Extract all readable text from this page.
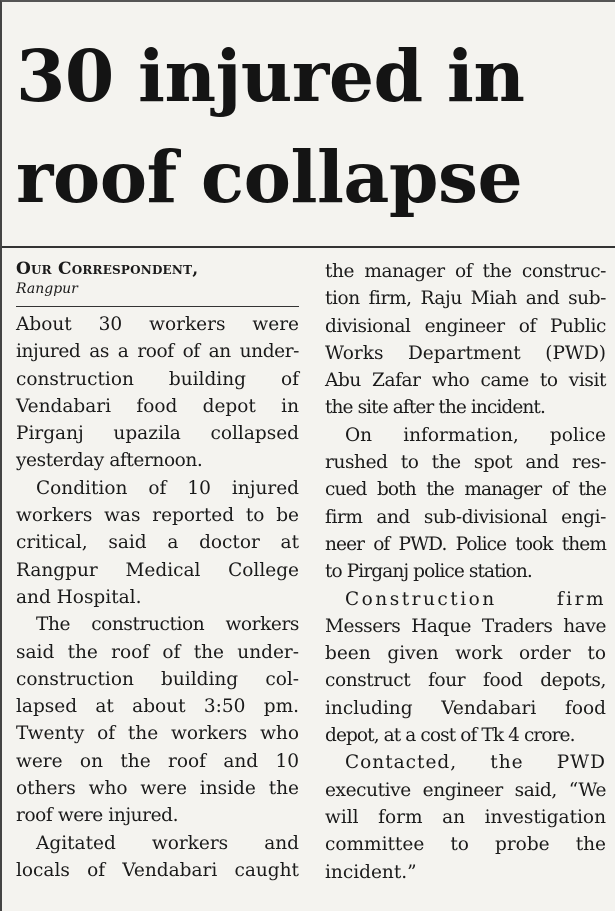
30 injured in
roof collapse
Our Correspondent,
Rangpur

About 30 workers were
injured as a roof of an under-
construction building of
Vendabari food depot in
Pirganj upazila collapsed
yesterday afternoon.

Condition of 10 injured
workers was reported to be
critical, said a doctor at
Rangpur Medical College
and Hospital.

The construction workers
said the roof of the under-
construction building col-
lapsed at about 3:50 pm.
Twenty of the workers who
were on the roof and 10
others who were inside the
roof were injured.

Agitated workers and
locals of Vendabari caught

the manager of the construc-
tion firm, Raju Miah and sub-
divisional engineer of Public
Works Department (PWD)
Abu Zafar who came to visit
the site after the incident.

On information, police
rushed to the spot and res-
cued both the manager of the
firm and sub-divisional engi-
neer of PWD. Police took them
to Pirganj police station.

Construction firm
Messers Haque Traders have
been given work order to
construct four food depots,
including Vendabari food
depot, at a cost of Tk 4 crore.

Contacted, the PWD
executive engineer said, “We
will form an investigation
committee to probe the
incident.”
